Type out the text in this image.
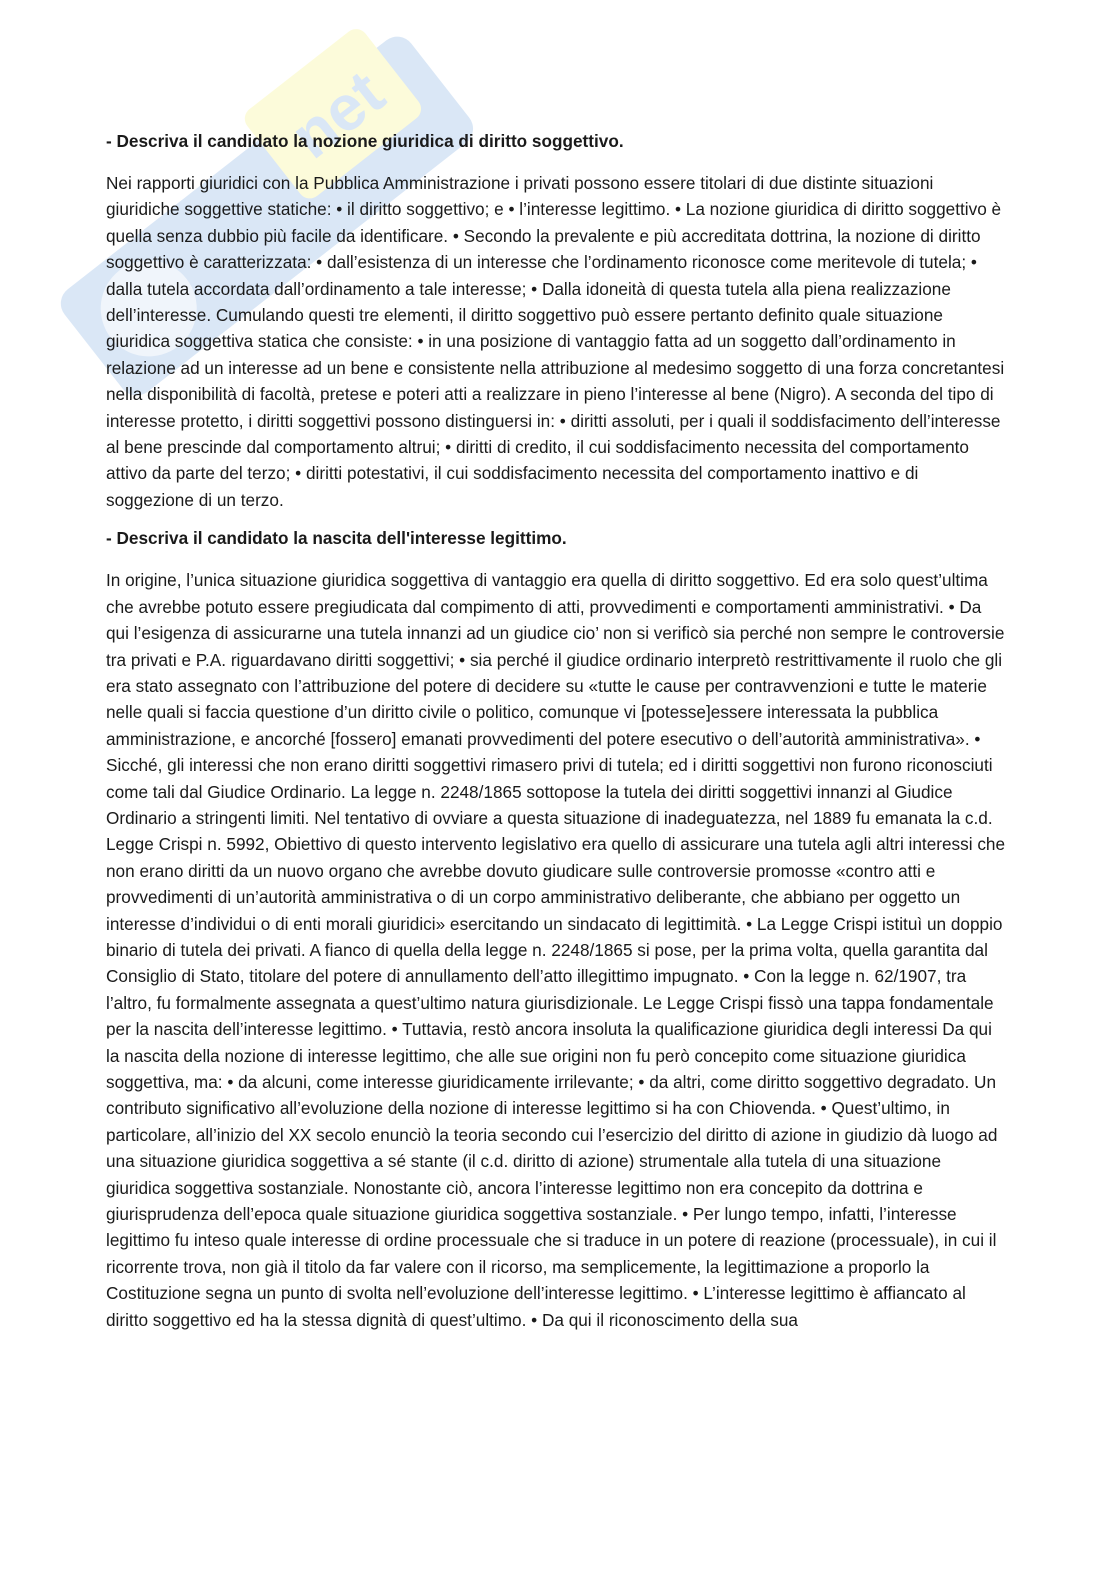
net

- Descriva il candidato la nozione giuridica di diritto soggettivo.

Nei rapporti giuridici con la Pubblica Amministrazione i privati possono essere titolari di due distinte situazioni giuridiche soggettive statiche: • il diritto soggettivo; e • l’interesse legittimo. • La nozione giuridica di diritto soggettivo è quella senza dubbio più facile da identificare. • Secondo la prevalente e più accreditata dottrina, la nozione di diritto soggettivo è caratterizzata: • dall’esistenza di un interesse che l’ordinamento riconosce come meritevole di tutela; • dalla tutela accordata dall’ordinamento a tale interesse; • Dalla idoneità di questa tutela alla piena realizzazione dell’interesse. Cumulando questi tre elementi, il diritto soggettivo può essere pertanto definito quale situazione giuridica soggettiva statica che consiste: • in una posizione di vantaggio fatta ad un soggetto dall’ordinamento in relazione ad un interesse ad un bene e consistente nella attribuzione al medesimo soggetto di una forza concretantesi nella disponibilità di facoltà, pretese e poteri atti a realizzare in pieno l’interesse al bene (Nigro). A seconda del tipo di interesse protetto, i diritti soggettivi possono distinguersi in: • diritti assoluti, per i quali il soddisfacimento dell’interesse al bene prescinde dal comportamento altrui; • diritti di credito, il cui soddisfacimento necessita del comportamento attivo da parte del terzo; • diritti potestativi, il cui soddisfacimento necessita del comportamento inattivo e di soggezione di un terzo.

- Descriva il candidato la nascita dell'interesse legittimo.

In origine, l’unica situazione giuridica soggettiva di vantaggio era quella di diritto soggettivo. Ed era solo quest’ultima che avrebbe potuto essere pregiudicata dal compimento di atti, provvedimenti e comportamenti amministrativi. • Da qui l’esigenza di assicurarne una tutela innanzi ad un giudice cio’ non si verificò sia perché non sempre le controversie tra privati e P.A. riguardavano diritti soggettivi; • sia perché il giudice ordinario interpretò restrittivamente il ruolo che gli era stato assegnato con l’attribuzione del potere di decidere su «tutte le cause per contravvenzioni e tutte le materie nelle quali si faccia questione d’un diritto civile o politico, comunque vi [potesse]essere interessata la pubblica amministrazione, e ancorché [fossero] emanati provvedimenti del potere esecutivo o dell’autorità amministrativa». • Sicché, gli interessi che non erano diritti soggettivi rimasero privi di tutela; ed i diritti soggettivi non furono riconosciuti come tali dal Giudice Ordinario. La legge n. 2248/1865 sottopose la tutela dei diritti soggettivi innanzi al Giudice Ordinario a stringenti limiti. Nel tentativo di ovviare a questa situazione di inadeguatezza, nel 1889 fu emanata la c.d. Legge Crispi n. 5992, Obiettivo di questo intervento legislativo era quello di assicurare una tutela agli altri interessi che non erano diritti da un nuovo organo che avrebbe dovuto giudicare sulle controversie promosse «contro atti e provvedimenti di un’autorità amministrativa o di un corpo amministrativo deliberante, che abbiano per oggetto un interesse d’individui o di enti morali giuridici» esercitando un sindacato di legittimità. • La Legge Crispi istituì un doppio binario di tutela dei privati. A fianco di quella della legge n. 2248/1865 si pose, per la prima volta, quella garantita dal Consiglio di Stato, titolare del potere di annullamento dell’atto illegittimo impugnato. • Con la legge n. 62/1907, tra l’altro, fu formalmente assegnata a quest’ultimo natura giurisdizionale. Le Legge Crispi fissò una tappa fondamentale per la nascita dell’interesse legittimo. • Tuttavia, restò ancora insoluta la qualificazione giuridica degli interessi Da qui la nascita della nozione di interesse legittimo, che alle sue origini non fu però concepito come situazione giuridica soggettiva, ma: • da alcuni, come interesse giuridicamente irrilevante; • da altri, come diritto soggettivo degradato. Un contributo significativo all’evoluzione della nozione di interesse legittimo si ha con Chiovenda. • Quest’ultimo, in particolare, all’inizio del XX secolo enunciò la teoria secondo cui l’esercizio del diritto di azione in giudizio dà luogo ad una situazione giuridica soggettiva a sé stante (il c.d. diritto di azione) strumentale alla tutela di una situazione giuridica soggettiva sostanziale. Nonostante ciò, ancora l’interesse legittimo non era concepito da dottrina e giurisprudenza dell’epoca quale situazione giuridica soggettiva sostanziale. • Per lungo tempo, infatti, l’interesse legittimo fu inteso quale interesse di ordine processuale che si traduce in un potere di reazione (processuale), in cui il ricorrente trova, non già il titolo da far valere con il ricorso, ma semplicemente, la legittimazione a proporlo la Costituzione segna un punto di svolta nell’evoluzione dell’interesse legittimo. • L’interesse legittimo è affiancato al diritto soggettivo ed ha la stessa dignità di quest’ultimo. • Da qui il riconoscimento della sua
